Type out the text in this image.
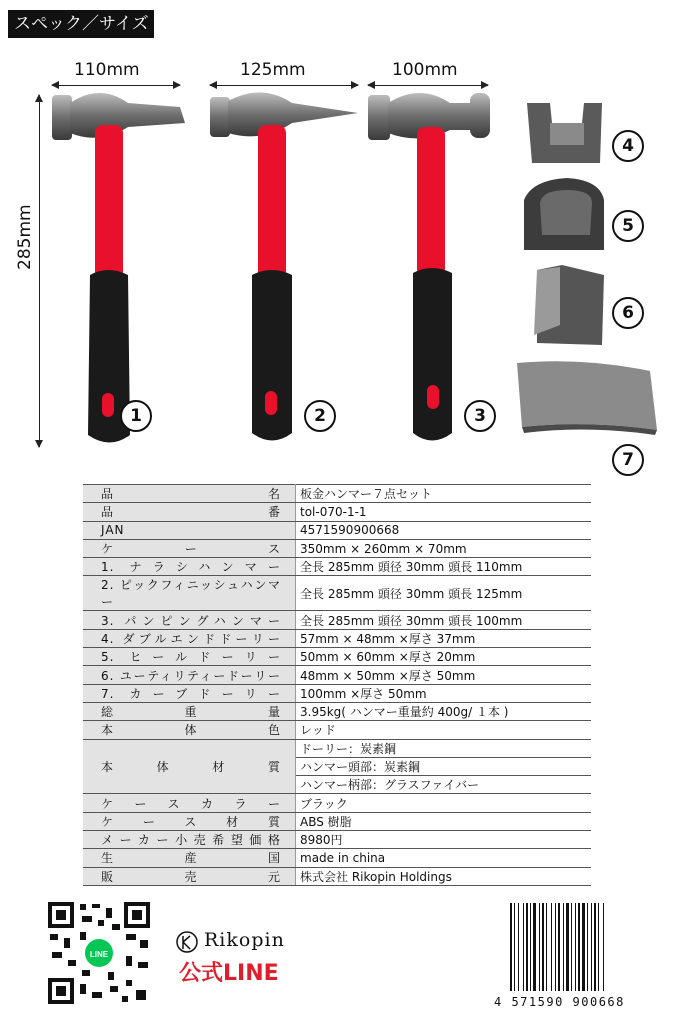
スペック／サイズ
110mm	125mm	100mm
285mm
1	2	3
4
5
6
7
品名	板金ハンマー７点セット
品番	tol-070-1-1
JAN	4571590900668
ケース	350mm × 260mm × 70mm
1. ナラシハンマー	全長 285mm 頭径 30mm 頭長 110mm
2. ピックフィニッシュハンマー	全長 285mm 頭径 30mm 頭長 125mm
3. パンピングハンマー	全長 285mm 頭径 30mm 頭長 100mm
4. ダブルエンドドーリー	57mm × 48mm ×厚さ 37mm
5. ヒールドーリー	50mm × 60mm ×厚さ 20mm
6. ユーティリティードーリー	48mm × 50mm ×厚さ 50mm
7. カーブドーリー	100mm ×厚さ 50mm
総重量	3.95kg( ハンマー重量約 400g/ １本 )
本体色	レッド
本体材質	ドーリー：炭素鋼
	ハンマー頭部：炭素鋼
	ハンマー柄部：グラスファイバー
ケースカラー	ブラック
ケース材質	ABS 樹脂
メーカー小売希望価格	8980円
生産国	made in china
販売元	株式会社 Rikopin Holdings
LINE
Rikopin
公式LINE
4 571590 900668
